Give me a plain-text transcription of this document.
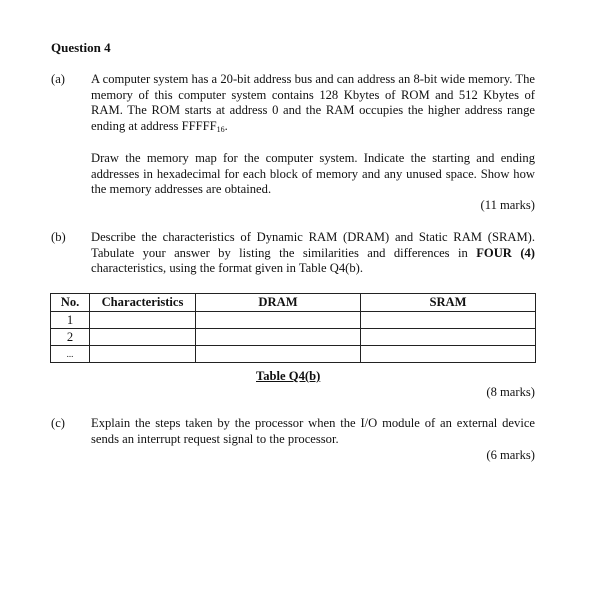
Question 4
(a) A computer system has a 20-bit address bus and can address an 8-bit wide memory. The memory of this computer system contains 128 Kbytes of ROM and 512 Kbytes of RAM. The ROM starts at address 0 and the RAM occupies the higher address range ending at address $FFFFF_{16}$.
Draw the memory map for the computer system. Indicate the starting and ending addresses in hexadecimal for each block of memory and any unused space. Show how the memory addresses are obtained.
(11 marks)
(b) Describe the characteristics of Dynamic RAM (DRAM) and Static RAM (SRAM). Tabulate your answer by listing the similarities and differences in FOUR (4) characteristics, using the format given in Table Q4(b).
No.	Characteristics	DRAM	SRAM
1			
2			
...			
Table Q4(b)
(8 marks)
(c) Explain the steps taken by the processor when the I/O module of an external device sends an interrupt request signal to the processor.
(6 marks)
